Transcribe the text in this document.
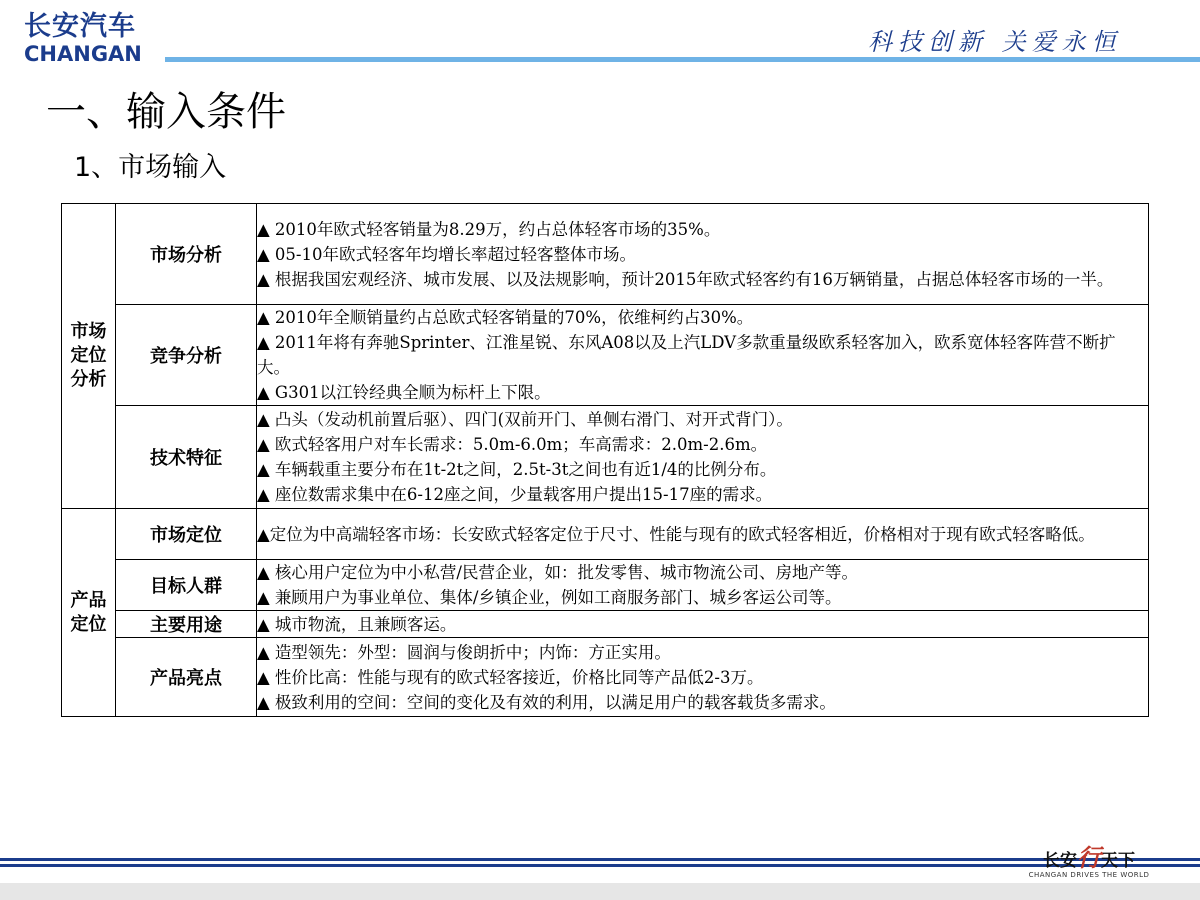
长安汽车
CHANGAN	科技创新 关爱永恒
一、输入条件
1、市场输入
市场
定位
分析	市场分析	▲ 2010年欧式轻客销量为8.29万，约占总体轻客市场的35%。
▲ 05-10年欧式轻客年均增长率超过轻客整体市场。
▲ 根据我国宏观经济、城市发展、以及法规影响，预计2015年欧式轻客约有16万辆销量，占据总体轻客市场的一半。

	竞争分析	▲ 2010年全顺销量约占总欧式轻客销量的70%，依维柯约占30%。
▲ 2011年将有奔驰Sprinter、江淮星锐、东风A08以及上汽LDV多款重量级欧系轻客加入，欧系宽体轻客阵营不断扩大。
▲ G301以江铃经典全顺为标杆上下限。

	技术特征	▲ 凸头（发动机前置后驱）、四门(双前开门、单侧右滑门、对开式背门）。
▲ 欧式轻客用户对车长需求：5.0m-6.0m；车高需求：2.0m-2.6m。
▲ 车辆载重主要分布在1t-2t之间，2.5t-3t之间也有近1/4的比例分布。
▲ 座位数需求集中在6-12座之间，少量载客用户提出15-17座的需求。

产品
定位	市场定位	▲定位为中高端轻客市场：长安欧式轻客定位于尺寸、性能与现有的欧式轻客相近，价格相对于现有欧式轻客略低。

	目标人群	▲ 核心用户定位为中小私营/民营企业，如：批发零售、城市物流公司、房地产等。
▲ 兼顾用户为事业单位、集体/乡镇企业，例如工商服务部门、城乡客运公司等。

	主要用途	▲ 城市物流，且兼顾客运。

	产品亮点	▲ 造型领先：外型：圆润与俊朗折中；内饰：方正实用。
▲ 性价比高：性能与现有的欧式轻客接近，价格比同等产品低2-3万。
▲ 极致利用的空间：空间的变化及有效的利用，以满足用户的载客载货多需求。
长安行天下
CHANGAN DRIVES THE WORLD
